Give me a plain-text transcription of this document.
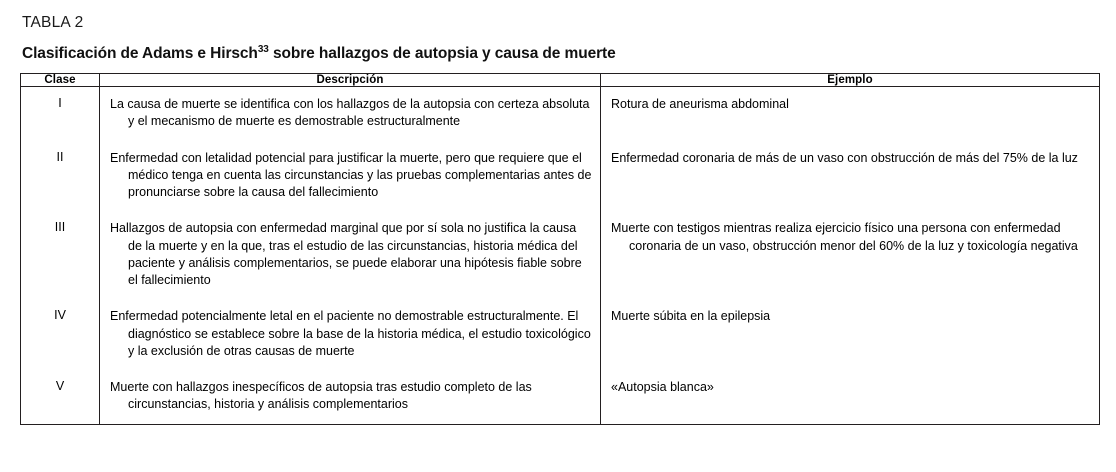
TABLA 2
Clasificación de Adams e Hirsch$^{33}$ sobre hallazgos de autopsia y causa de muerte
Clase	Descripción	Ejemplo
I	La causa de muerte se identifica con los hallazgos de la autopsia con certeza absoluta y el mecanismo de muerte es demostrable estructuralmente	Rotura de aneurisma abdominal

II	Enfermedad con letalidad potencial para justificar la muerte, pero que requiere que el médico tenga en cuenta las circunstancias y las pruebas complementarias antes de pronunciarse sobre la causa del fallecimiento	Enfermedad coronaria de más de un vaso con obstrucción de más del 75% de la luz

III	Hallazgos de autopsia con enfermedad marginal que por sí sola no justifica la causa de la muerte y en la que, tras el estudio de las circunstancias, historia médica del paciente y análisis complementarios, se puede elaborar una hipótesis fiable sobre el fallecimiento	Muerte con testigos mientras realiza ejercicio físico una persona con enfermedad coronaria de un vaso, obstrucción menor del 60% de la luz y toxicología negativa

IV	Enfermedad potencialmente letal en el paciente no demostrable estructuralmente. El diagnóstico se establece sobre la base de la historia médica, el estudio toxicológico y la exclusión de otras causas de muerte	Muerte súbita en la epilepsia

V	Muerte con hallazgos inespecíficos de autopsia tras estudio completo de las circunstancias, historia y análisis complementarios	«Autopsia blanca»
